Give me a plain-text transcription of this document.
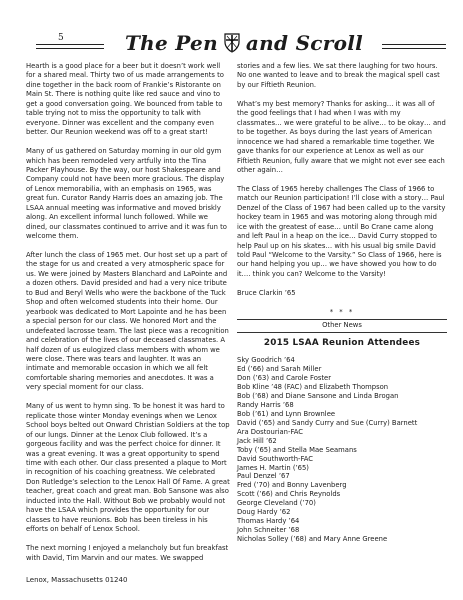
5	The Pen and Scroll

Hearth is a good place for a beer but it doesn’t work well for a shared meal. Thirty two of us made arrangements to dine together in the back room of Frankie’s Ristorante on Main St. There is nothing quite like red sauce and vino to get a good conversation going. We bounced from table to table trying not to miss the opportunity to talk with everyone. Dinner was excellent and the company even better. Our Reunion weekend was off to a great start!

Many of us gathered on Saturday morning in our old gym which has been remodeled very artfully into the Tina Packer Playhouse. By the way, our host Shakespeare and Company could not have been more gracious. The display of Lenox memorabilia, with an emphasis on 1965, was great fun. Curator Randy Harris does an amazing job. The LSAA annual meeting was informative and moved briskly along. An excellent informal lunch followed. While we dined, our classmates continued to arrive and it was fun to welcome them.

After lunch the class of 1965 met. Our host set up a part of the stage for us and created a very atmospheric space for us. We were joined by Masters Blanchard and LaPointe and a dozen others. David presided and had a very nice tribute to Bud and Beryl Wells who were the backbone of the Tuck Shop and often welcomed students into their home. Our yearbook was dedicated to Mort Lapointe and he has been a special person for our class. We honored Mort and the undefeated lacrosse team. The last piece was a recognition and celebration of the lives of our deceased classmates. A half dozen of us eulogized class members with whom we were close. There was tears and laughter. It was an intimate and memorable occasion in which we all felt comfortable sharing memories and anecdotes. It was a very special moment for our class.

Many of us went to hymn sing. To be honest it was hard to replicate those winter Monday evenings when we Lenox School boys belted out Onward Christian Soldiers at the top of our lungs. Dinner at the Lenox Club followed. It’s a gorgeous facility and was the perfect choice for dinner. It was a great evening. It was a great opportunity to spend time with each other. Our class presented a plaque to Mort in recognition of his coaching greatness. We celebrated Don Rutledge’s selection to the Lenox Hall Of Fame. A great teacher, great coach and great man. Bob Sansone was also inducted into the Hall. Without Bob we probably would not have the LSAA which provides the opportunity for our classes to have reunions. Bob has been tireless in his efforts on behalf of Lenox School.

The next morning I enjoyed a melancholy but fun breakfast with David, Tim Marvin and our mates. We swapped

Lenox, Massachusetts 01240

stories and a few lies. We sat there laughing for two hours. No one wanted to leave and to break the magical spell cast by our Fiftieth Reunion.

What’s my best memory? Thanks for asking… it was all of the good feelings that I had when I was with my classmates… we were grateful to be alive… to be okay… and to be together. As boys during the last years of American innocence we had shared a remarkable time together. We gave thanks for our experience at Lenox as well as our Fiftieth Reunion, fully aware that we might not ever see each other again…

The Class of 1965 hereby challenges The Class of 1966 to match our Reunion participation! I’ll close with a story… Paul Denzel of the Class of 1967 had been called up to the varsity hockey team in 1965 and was motoring along through mid ice with the greatest of ease… until Bo Crane came along and left Paul in a heap on the ice… David Curry stopped to help Paul up on his skates… with his usual big smile David told Paul “Welcome to the Varsity.” So Class of 1966, here is our hand helping you up… we have showed you how to do it…. think you can? Welcome to the Varsity!

Bruce Clarkin ’65

* * *
Other News
2015 LSAA Reunion Attendees
Sky Goodrich ’64
Ed (’66) and Sarah Miller
Don (’63) and Carole Foster
Bob Kline ’48 (FAC) and Elizabeth Thompson
Bob (’68) and Diane Sansone and Linda Brogan
Randy Harris ’68
Bob (’61) and Lynn Brownlee
David (’65) and Sandy Curry and Sue (Curry) Barnett
Ara Dostourian-FAC
Jack Hill ’62
Toby (’65) and Stella Mae Seamans
David Southworth-FAC
James H. Martin (’65)
Paul Denzel ’67
Fred (’70) and Bonny Lavenberg
Scott (’66) and Chris Reynolds
George Cleveland (’70)
Doug Hardy ’62
Thomas Hardy ’64
John Schneiter ’68
Nicholas Solley (’68) and Mary Anne Greene
